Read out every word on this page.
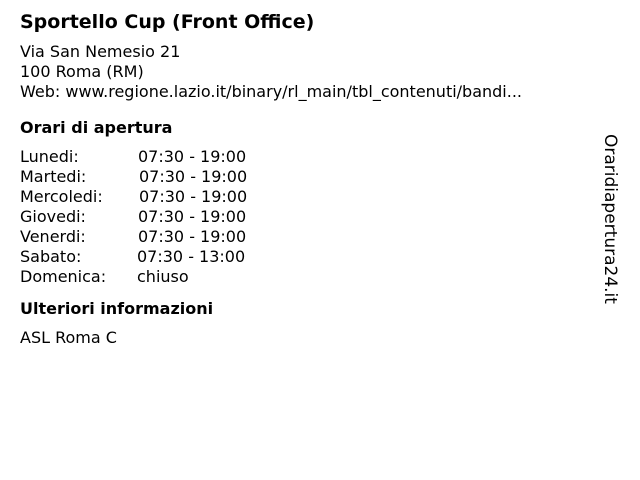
Sportello Cup (Front Office)
Via San Nemesio 21
100 Roma (RM)
Web: www.regione.lazio.it/binary/rl_main/tbl_contenuti/bandi...
Orari di apertura
Lunedi:	07:30 - 19:00
Martedi:	07:30 - 19:00
Mercoledi: 07:30 - 19:00
Giovedi:	07:30 - 19:00
Venerdi:	07:30 - 19:00
Sabato:	07:30 - 13:00
Domenica: chiuso
Ulteriori informazioni
ASL Roma C
Oraridiapertura24.it
